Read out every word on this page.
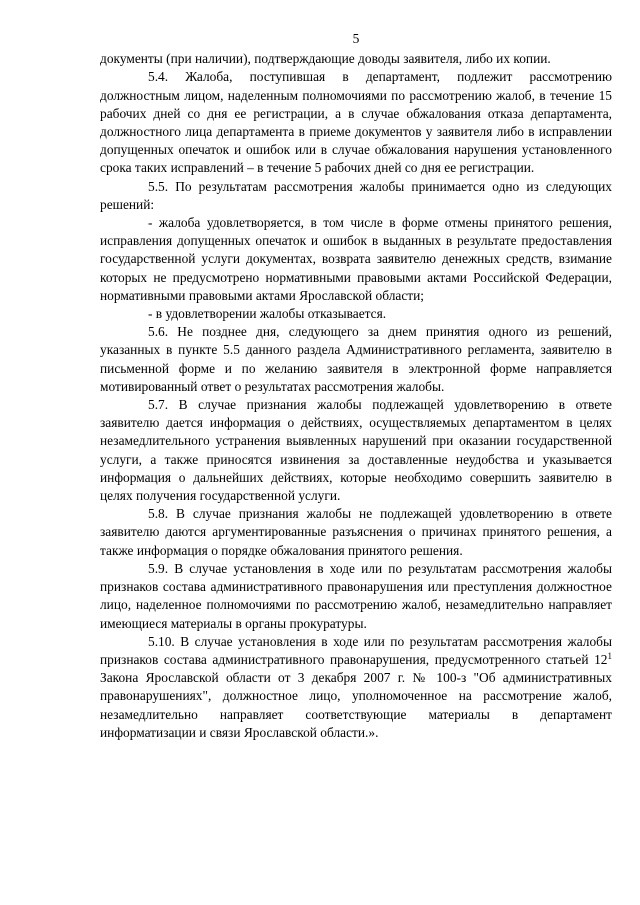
5

документы (при наличии), подтверждающие доводы заявителя, либо их копии.

5.4. Жалоба, поступившая в департамент, подлежит рассмотрению должностным лицом, наделенным полномочиями по рассмотрению жалоб, в течение 15 рабочих дней со дня ее регистрации, а в случае обжалования отказа департамента, должностного лица департамента в приеме документов у заявителя либо в исправлении допущенных опечаток и ошибок или в случае обжалования нарушения установленного срока таких исправлений – в течение 5 рабочих дней со дня ее регистрации.

5.5. По результатам рассмотрения жалобы принимается одно из следующих решений:

- жалоба удовлетворяется, в том числе в форме отмены принятого решения, исправления допущенных опечаток и ошибок в выданных в результате предоставления государственной услуги документах, возврата заявителю денежных средств, взимание которых не предусмотрено нормативными правовыми актами Российской Федерации, нормативными правовыми актами Ярославской области;

- в удовлетворении жалобы отказывается.

5.6. Не позднее дня, следующего за днем принятия одного из решений, указанных в пункте 5.5 данного раздела Административного регламента, заявителю в письменной форме и по желанию заявителя в электронной форме направляется мотивированный ответ о результатах рассмотрения жалобы.

5.7. В случае признания жалобы подлежащей удовлетворению в ответе заявителю дается информация о действиях, осуществляемых департаментом в целях незамедлительного устранения выявленных нарушений при оказании государственной услуги, а также приносятся извинения за доставленные неудобства и указывается информация о дальнейших действиях, которые необходимо совершить заявителю в целях получения государственной услуги.

5.8. В случае признания жалобы не подлежащей удовлетворению в ответе заявителю даются аргументированные разъяснения о причинах принятого решения, а также информация о порядке обжалования принятого решения.

5.9. В случае установления в ходе или по результатам рассмотрения жалобы признаков состава административного правонарушения или преступления должностное лицо, наделенное полномочиями по рассмотрению жалоб, незамедлительно направляет имеющиеся материалы в органы прокуратуры.

5.10. В случае установления в ходе или по результатам рассмотрения жалобы признаков состава административного правонарушения, предусмотренного статьей $12^1$ Закона Ярославской области от 3 декабря 2007 г. № 100-з "Об административных правонарушениях", должностное лицо, уполномоченное на рассмотрение жалоб, незамедлительно направляет соответствующие материалы в департамент информатизации и связи Ярославской области.».
